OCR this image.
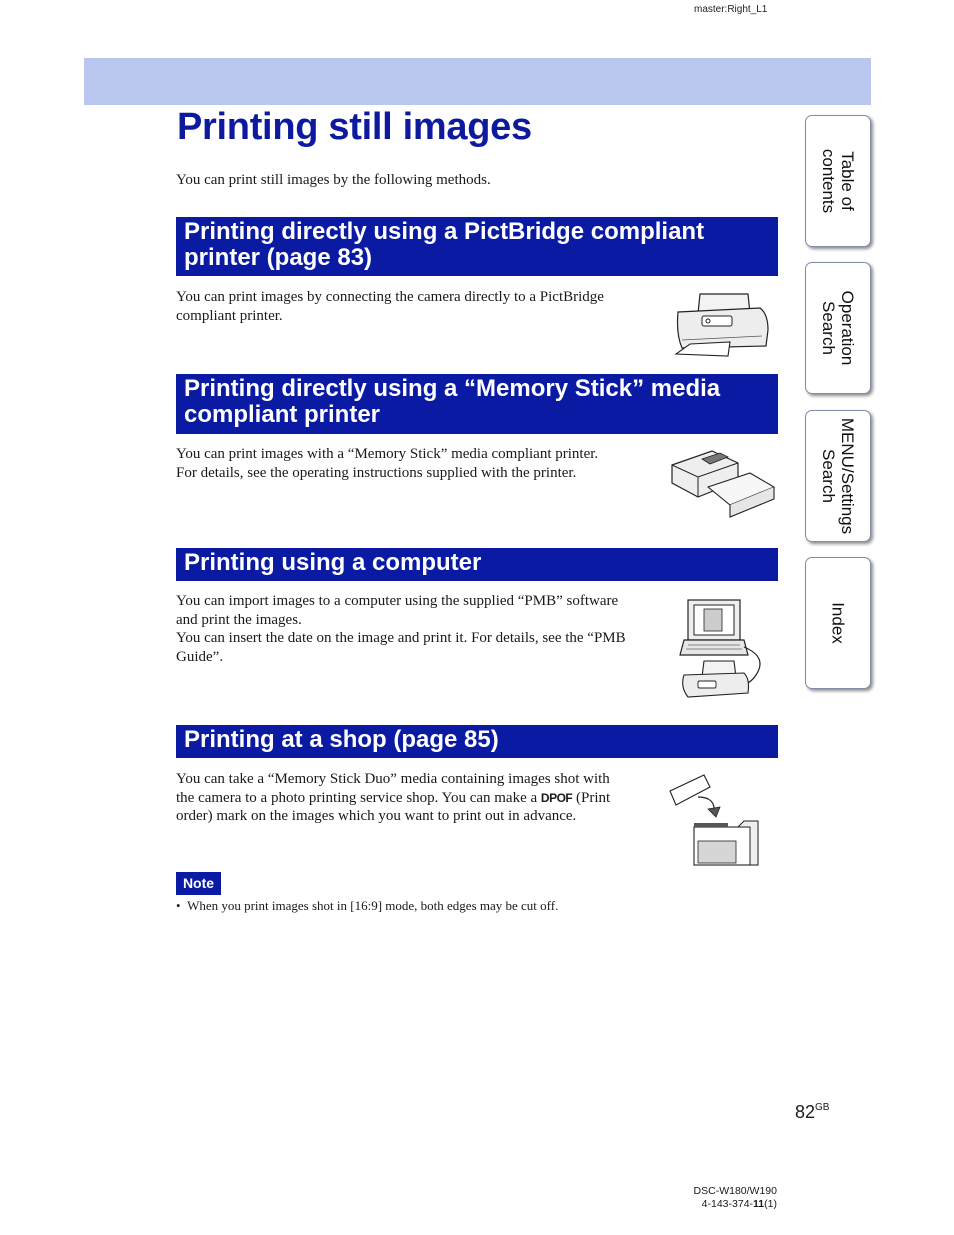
master:Right_L1
Printing still images

You can print still images by the following methods.

Printing directly using a PictBridge compliant
printer (page 83)
You can print images by connecting the camera directly to a PictBridge
compliant printer.
Printing directly using a “Memory Stick” media
compliant printer
You can print images with a “Memory Stick” media compliant printer.
For details, see the operating instructions supplied with the printer.
Printing using a computer
You can import images to a computer using the supplied “PMB” software
and print the images.
You can insert the date on the image and print it. For details, see the “PMB
Guide”.
Printing at a shop (page 85)
You can take a “Memory Stick Duo” media containing images shot with
the camera to a photo printing service shop. You can make a DPOF (Print
order) mark on the images which you want to print out in advance.
Note
• When you print images shot in [16:9] mode, both edges may be cut off.
Table of
contents
Operation
Search
MENU/Settings
Search
Index
$82^{GB}$
DSC-W180/W190
4-143-374-11(1)
